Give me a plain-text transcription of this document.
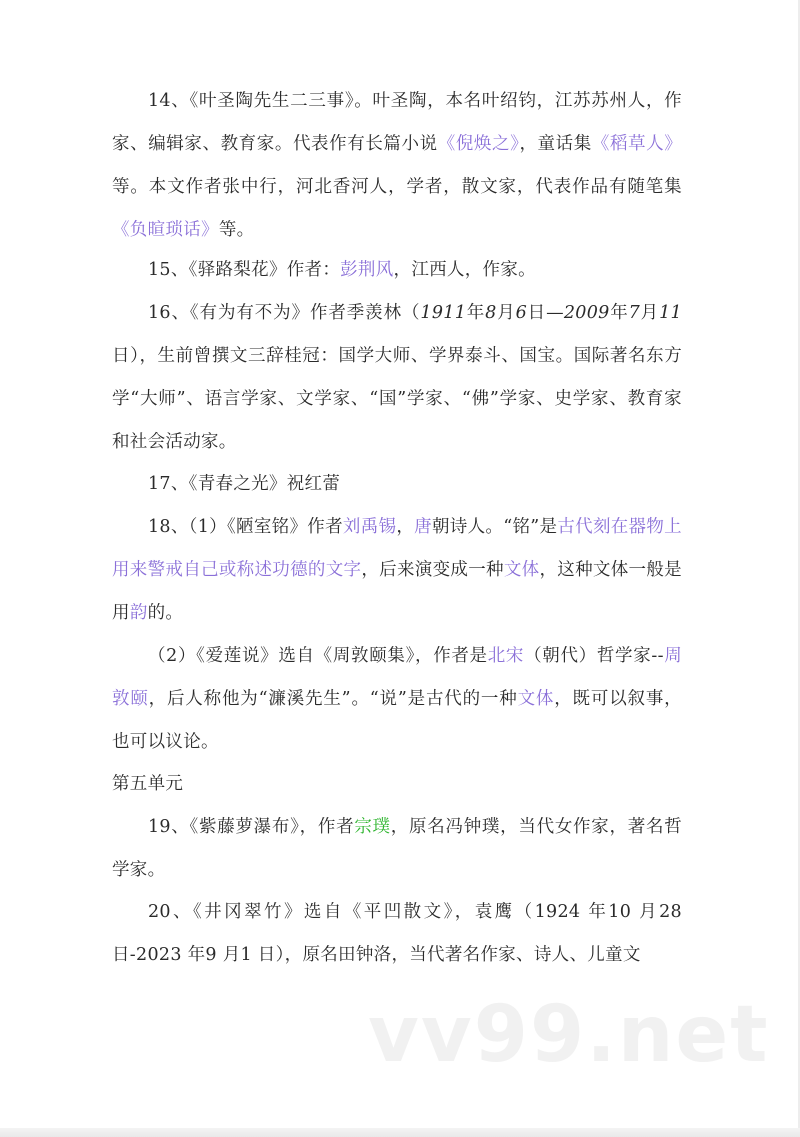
14、《叶圣陶先生二三事》。叶圣陶，本名叶绍钧，江苏苏州人，作家、编辑家、教育家。代表作有长篇小说《倪焕之》，童话集《稻草人》等。本文作者张中行，河北香河人，学者，散文家，代表作品有随笔集《负暄琐话》等。

15、《驿路梨花》作者：彭荆风，江西人，作家。

16、《有为有不为》作者季羡林（1911年8月6日—2009年7月11日），生前曾撰文三辞桂冠：国学大师、学界泰斗、国宝。国际著名东方学“大师”、语言学家、文学家、“国”学家、“佛”学家、史学家、教育家和社会活动家。

17、《青春之光》祝红蕾

18、（1）《陋室铭》作者刘禹锡，唐朝诗人。“铭”是古代刻在器物上用来警戒自己或称述功德的文字，后来演变成一种文体，这种文体一般是用韵的。

（2）《爱莲说》选自《周敦颐集》，作者是北宋（朝代）哲学家--周敦颐，后人称他为“濂溪先生”。“说”是古代的一种文体，既可以叙事，也可以议论。

第五单元

19、《紫藤萝瀑布》，作者宗璞，原名冯钟璞，当代女作家，著名哲学家。

20、《井冈翠竹》选自《平凹散文》，袁鹰（1924 年10 月28 日-2023 年9 月1 日），原名田钟洛，当代著名作家、诗人、儿童文

vv99.net
